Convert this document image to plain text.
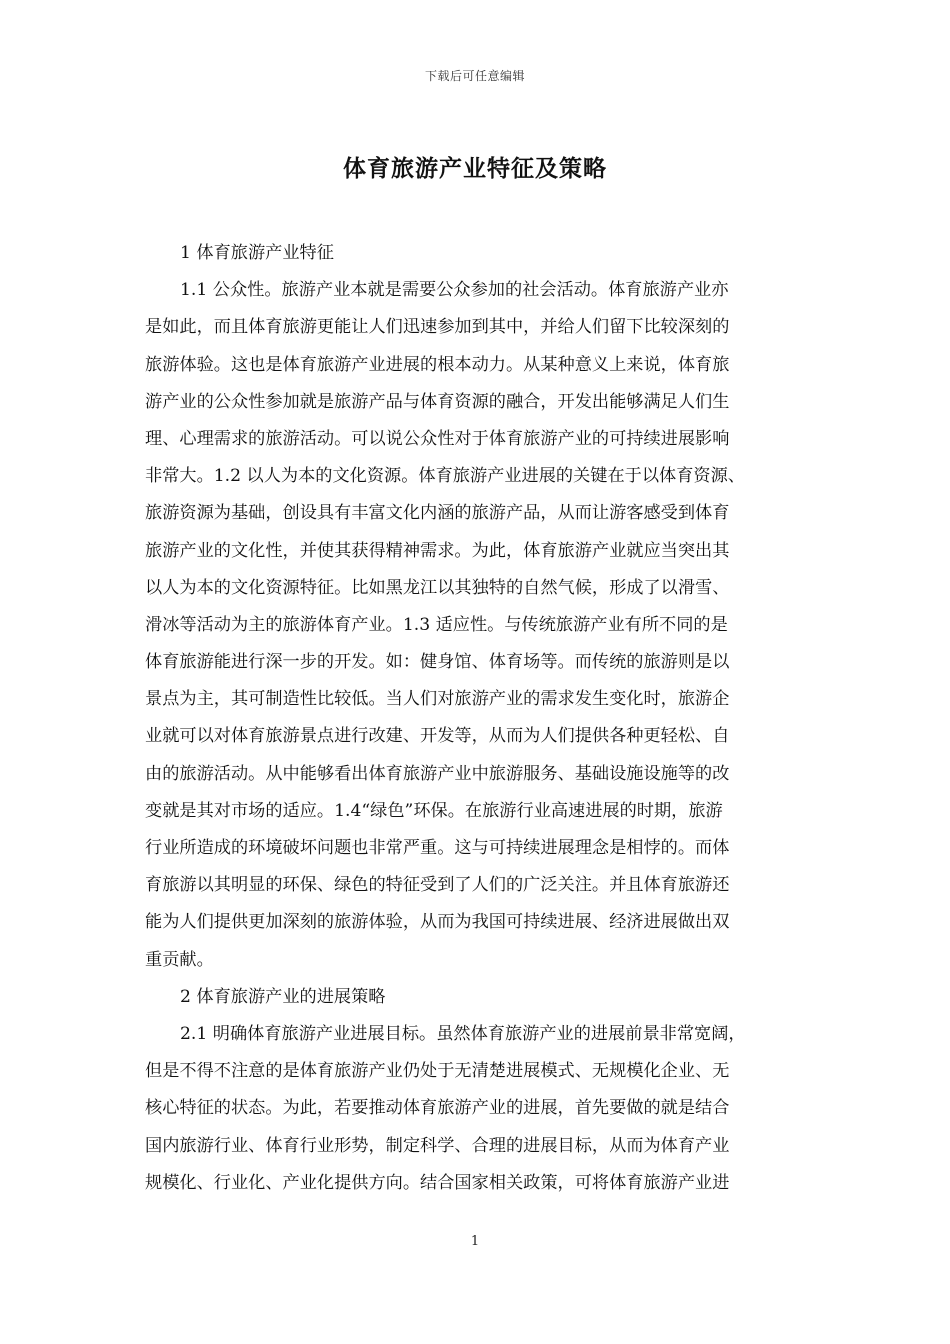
下载后可任意编辑
体育旅游产业特征及策略
1 体育旅游产业特征
1.1 公众性。旅游产业本就是需要公众参加的社会活动。体育旅游产业亦
是如此，而且体育旅游更能让人们迅速参加到其中，并给人们留下比较深刻的
旅游体验。这也是体育旅游产业进展的根本动力。从某种意义上来说，体育旅
游产业的公众性参加就是旅游产品与体育资源的融合，开发出能够满足人们生
理、心理需求的旅游活动。可以说公众性对于体育旅游产业的可持续进展影响
非常大。1.2 以人为本的文化资源。体育旅游产业进展的关键在于以体育资源、
旅游资源为基础，创设具有丰富文化内涵的旅游产品，从而让游客感受到体育
旅游产业的文化性，并使其获得精神需求。为此，体育旅游产业就应当突出其
以人为本的文化资源特征。比如黑龙江以其独特的自然气候，形成了以滑雪、
滑冰等活动为主的旅游体育产业。1.3 适应性。与传统旅游产业有所不同的是
体育旅游能进行深一步的开发。如：健身馆、体育场等。而传统的旅游则是以
景点为主，其可制造性比较低。当人们对旅游产业的需求发生变化时，旅游企
业就可以对体育旅游景点进行改建、开发等，从而为人们提供各种更轻松、自
由的旅游活动。从中能够看出体育旅游产业中旅游服务、基础设施设施等的改
变就是其对市场的适应。1.4“绿色”环保。在旅游行业高速进展的时期，旅游
行业所造成的环境破坏问题也非常严重。这与可持续进展理念是相悖的。而体
育旅游以其明显的环保、绿色的特征受到了人们的广泛关注。并且体育旅游还
能为人们提供更加深刻的旅游体验，从而为我国可持续进展、经济进展做出双
重贡献。
2 体育旅游产业的进展策略
2.1 明确体育旅游产业进展目标。虽然体育旅游产业的进展前景非常宽阔，
但是不得不注意的是体育旅游产业仍处于无清楚进展模式、无规模化企业、无
核心特征的状态。为此，若要推动体育旅游产业的进展，首先要做的就是结合
国内旅游行业、体育行业形势，制定科学、合理的进展目标，从而为体育产业
规模化、行业化、产业化提供方向。结合国家相关政策，可将体育旅游产业进
1
